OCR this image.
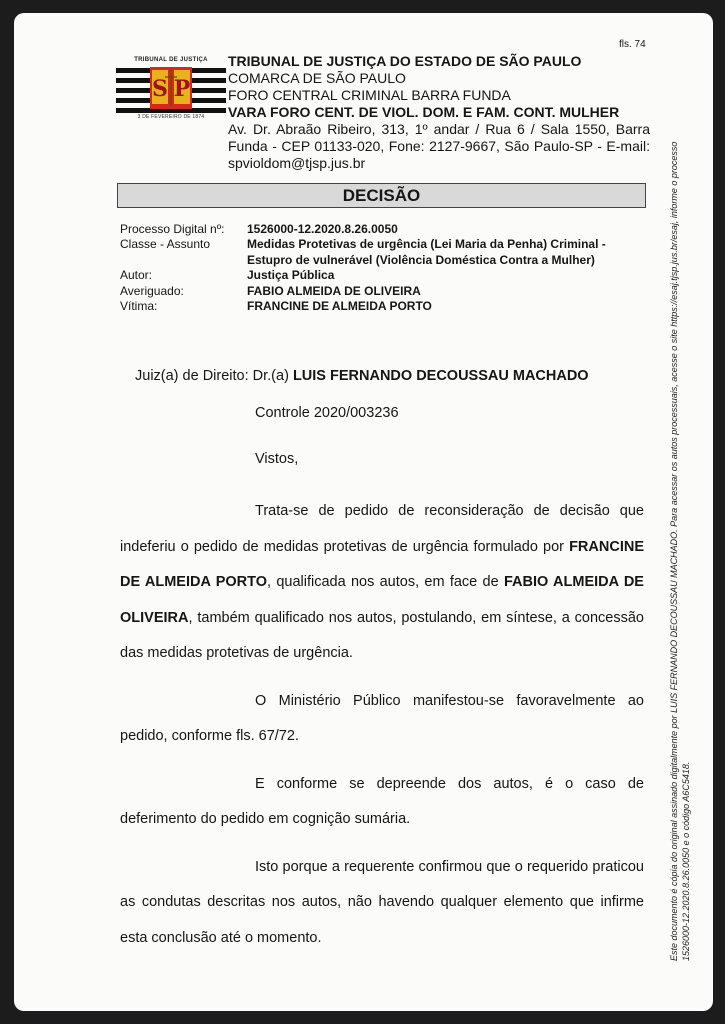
fls. 74
TRIBUNAL DE JUSTIÇA
S P
3 DE FEVEREIRO DE 1874
TRIBUNAL DE JUSTIÇA DO ESTADO DE SÃO PAULO
COMARCA DE SÃO PAULO
FORO CENTRAL CRIMINAL BARRA FUNDA
VARA FORO CENT. DE VIOL. DOM. E FAM. CONT. MULHER
Av. Dr. Abraão Ribeiro, 313, 1º andar / Rua 6 / Sala 1550, Barra Funda - CEP 01133-020, Fone: 2127-9667, São Paulo-SP - E-mail: spvioldom@tjsp.jus.br
DECISÃO
Processo Digital nº: 1526000-12.2020.8.26.0050
Classe - Assunto	Medidas Protetivas de urgência (Lei Maria da Penha) Criminal - Estupro de vulnerável (Violência Doméstica Contra a Mulher)
Autor:	Justiça Pública
Averiguado:	FABIO ALMEIDA DE OLIVEIRA
Vítima:	FRANCINE DE ALMEIDA PORTO
Juiz(a) de Direito: Dr.(a) LUIS FERNANDO DECOUSSAU MACHADO

Controle 2020/003236

Vistos,

Trata-se de pedido de reconsideração de decisão que indeferiu o pedido de medidas protetivas de urgência formulado por FRANCINE DE ALMEIDA PORTO, qualificada nos autos, em face de FABIO ALMEIDA DE OLIVEIRA, também qualificado nos autos, postulando, em síntese, a concessão das medidas protetivas de urgência.

O Ministério Público manifestou-se favoravelmente ao pedido, conforme fls. 67/72.

E conforme se depreende dos autos, é o caso de deferimento do pedido em cognição sumária.

Isto porque a requerente confirmou que o requerido praticou as condutas descritas nos autos, não havendo qualquer elemento que infirme esta conclusão até o momento.	Este documento é cópia do original assinado digitalmente por LUIS FERNANDO DECOUSSAU MACHADO. Para acessar os autos processuais, acesse o site https://esaj.tjsp.jus.br/esaj, informe o processo 1526000-12.2020.8.26.0050 e o código A6C5418.
